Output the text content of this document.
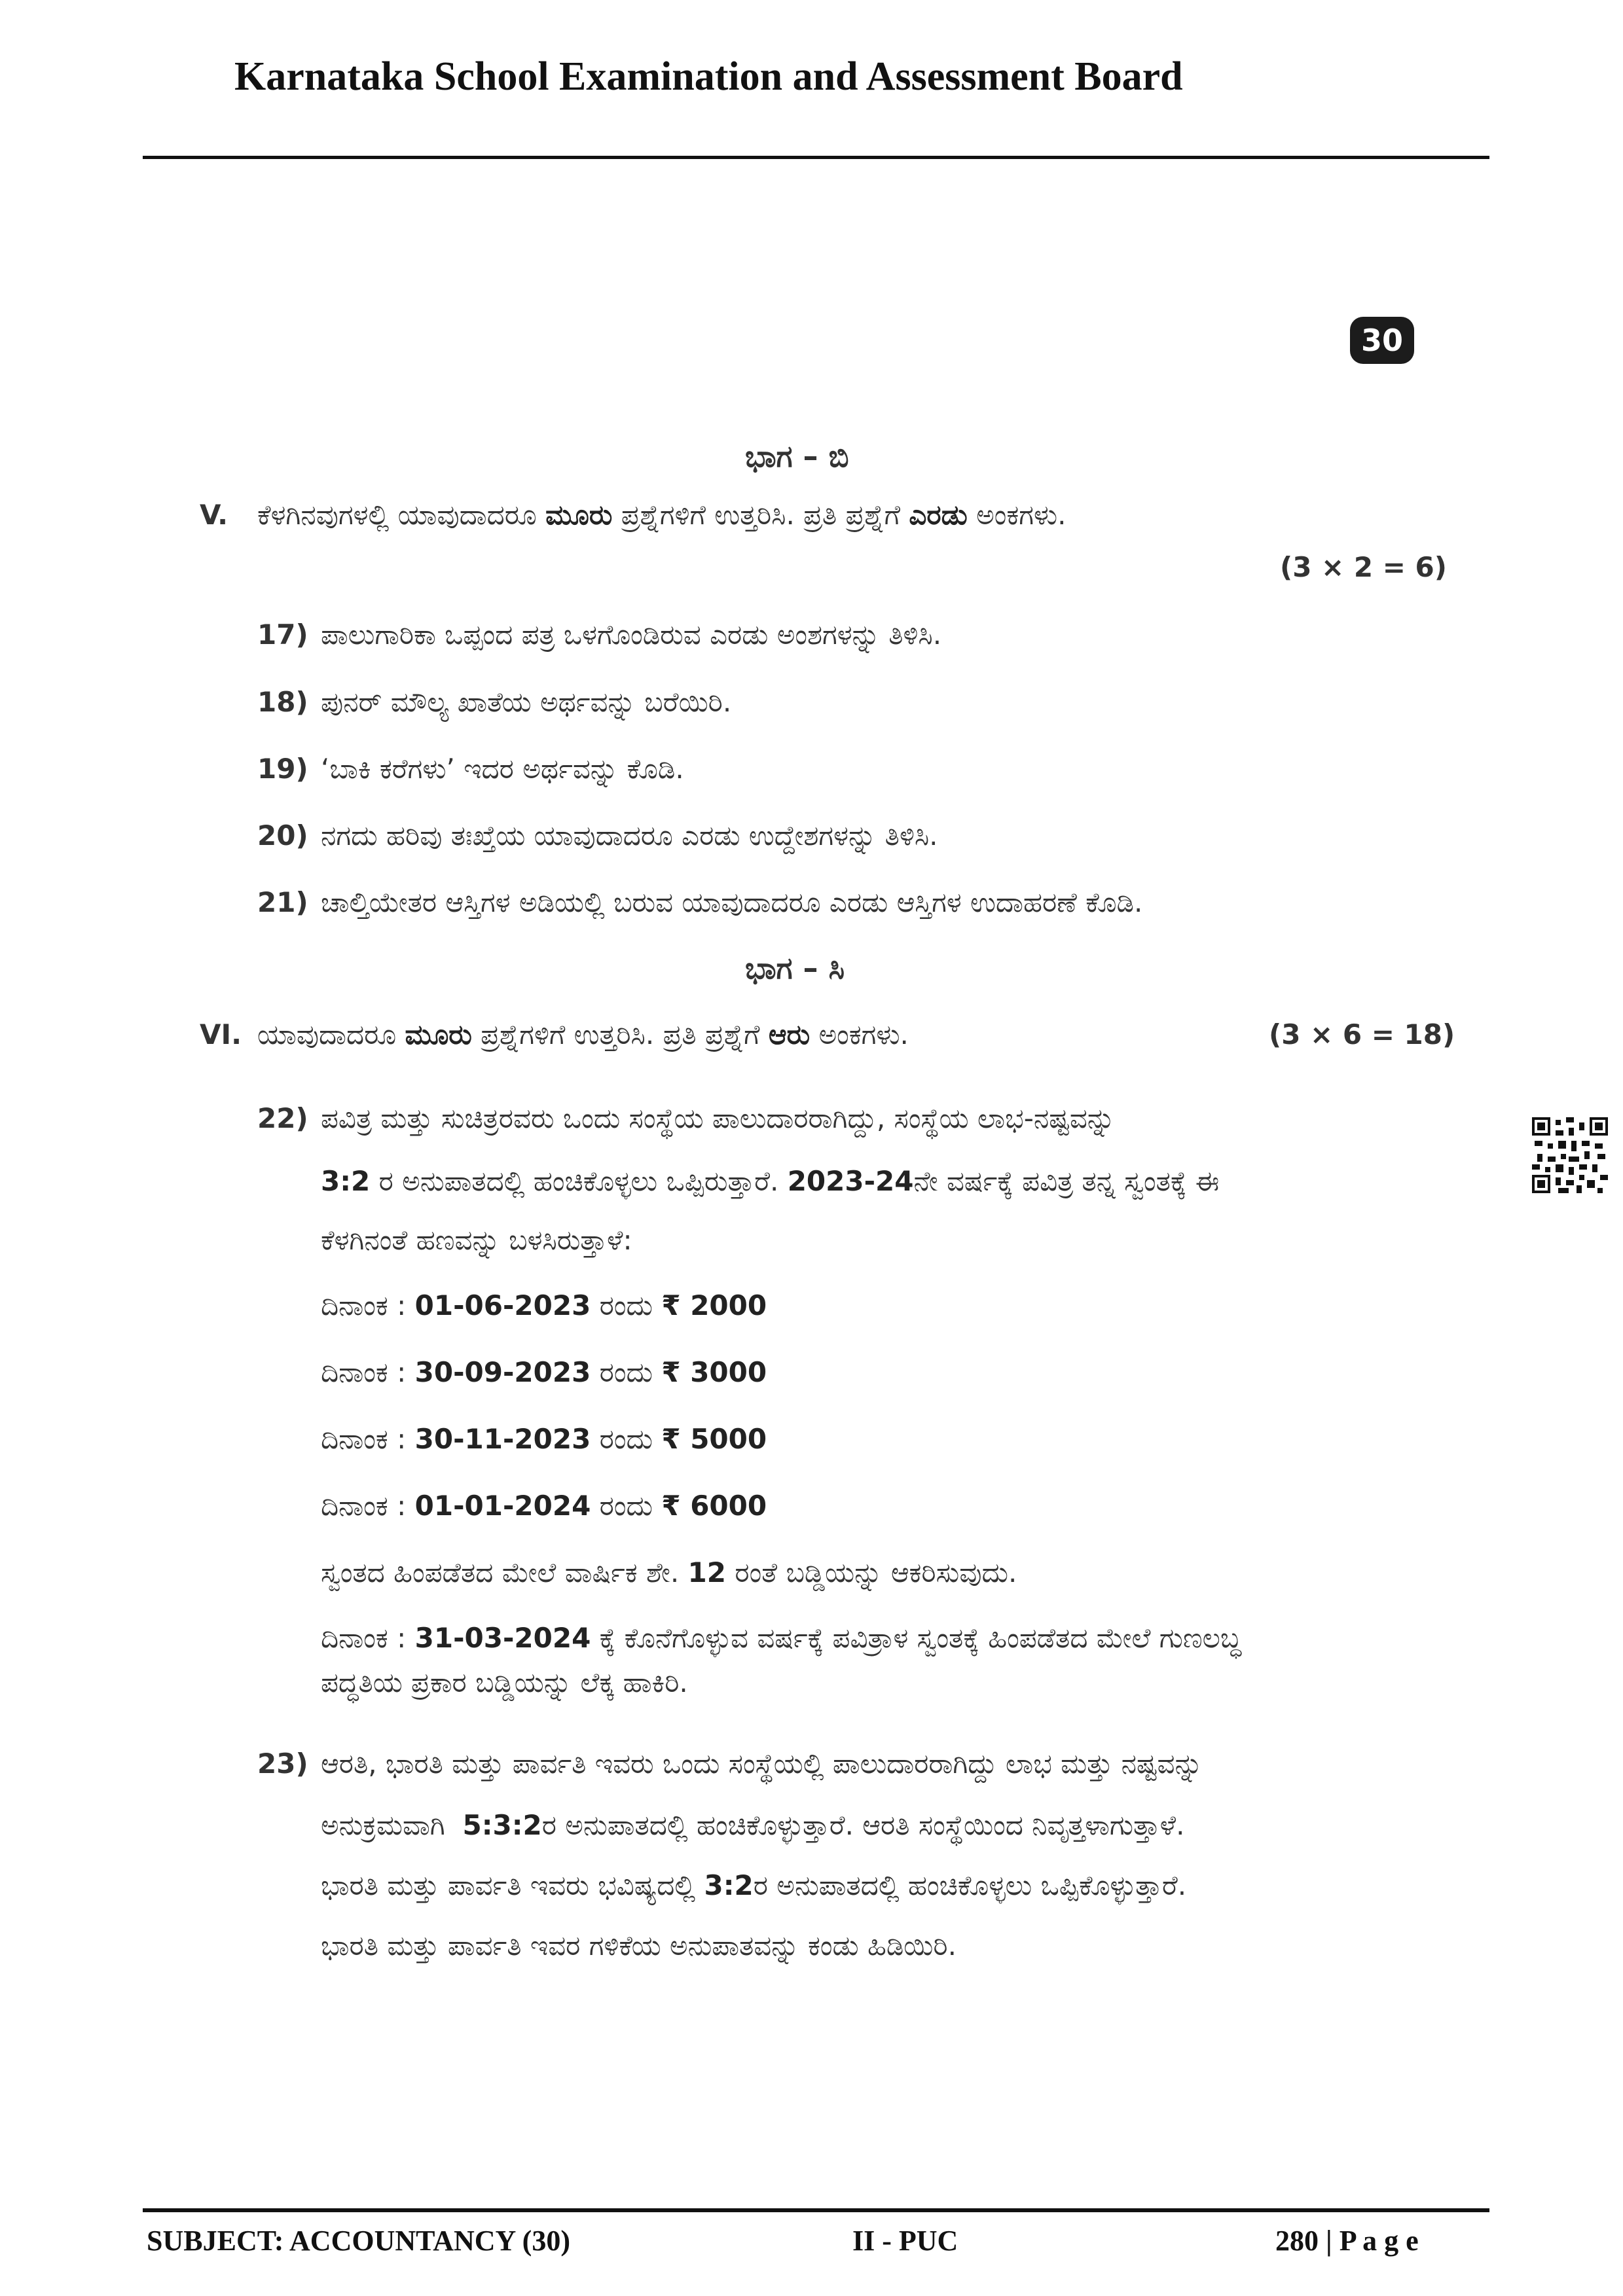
Karnataka School Examination and Assessment Board
30
ಭಾಗ – ಬಿ
V. ಕೆಳಗಿನವುಗಳಲ್ಲಿ ಯಾವುದಾದರೂ ಮೂರು ಪ್ರಶ್ನೆಗಳಿಗೆ ಉತ್ತರಿಸಿ. ಪ್ರತಿ ಪ್ರಶ್ನೆಗೆ ಎರಡು ಅಂಕಗಳು.
(3 × 2 = 6)
17) ಪಾಲುಗಾರಿಕಾ ಒಪ್ಪಂದ ಪತ್ರ ಒಳಗೊಂಡಿರುವ ಎರಡು ಅಂಶಗಳನ್ನು ತಿಳಿಸಿ.
18) ಪುನರ್ ಮೌಲ್ಯ ಖಾತೆಯ ಅರ್ಥವನ್ನು ಬರೆಯಿರಿ.
19) ‘ಬಾಕಿ ಕರೆಗಳು’ ಇದರ ಅರ್ಥವನ್ನು ಕೊಡಿ.
20) ನಗದು ಹರಿವು ತಃಖ್ತೆಯ ಯಾವುದಾದರೂ ಎರಡು ಉದ್ದೇಶಗಳನ್ನು ತಿಳಿಸಿ.
21) ಚಾಲ್ತಿಯೇತರ ಆಸ್ತಿಗಳ ಅಡಿಯಲ್ಲಿ ಬರುವ ಯಾವುದಾದರೂ ಎರಡು ಆಸ್ತಿಗಳ ಉದಾಹರಣೆ ಕೊಡಿ.
ಭಾಗ – ಸಿ
VI. ಯಾವುದಾದರೂ ಮೂರು ಪ್ರಶ್ನೆಗಳಿಗೆ ಉತ್ತರಿಸಿ. ಪ್ರತಿ ಪ್ರಶ್ನೆಗೆ ಆರು ಅಂಕಗಳು.	(3 × 6 = 18)
22) ಪವಿತ್ರ ಮತ್ತು ಸುಚಿತ್ರರವರು ಒಂದು ಸಂಸ್ಥೆಯ ಪಾಲುದಾರರಾಗಿದ್ದು, ಸಂಸ್ಥೆಯ ಲಾಭ-ನಷ್ಟವನ್ನು
3:2 ರ ಅನುಪಾತದಲ್ಲಿ ಹಂಚಿಕೊಳ್ಳಲು ಒಪ್ಪಿರುತ್ತಾರೆ. 2023-24ನೇ ವರ್ಷಕ್ಕೆ ಪವಿತ್ರ ತನ್ನ ಸ್ವಂತಕ್ಕೆ ಈ
ಕೆಳಗಿನಂತೆ ಹಣವನ್ನು ಬಳಸಿರುತ್ತಾಳೆ:
ದಿನಾಂಕ : 01-06-2023 ರಂದು ₹ 2000
ದಿನಾಂಕ : 30-09-2023 ರಂದು ₹ 3000
ದಿನಾಂಕ : 30-11-2023 ರಂದು ₹ 5000
ದಿನಾಂಕ : 01-01-2024 ರಂದು ₹ 6000
ಸ್ವಂತದ ಹಿಂಪಡೆತದ ಮೇಲೆ ವಾರ್ಷಿಕ ಶೇ. 12 ರಂತೆ ಬಡ್ಡಿಯನ್ನು ಆಕರಿಸುವುದು.
ದಿನಾಂಕ : 31-03-2024 ಕ್ಕೆ ಕೊನೆಗೊಳ್ಳುವ ವರ್ಷಕ್ಕೆ ಪವಿತ್ರಾಳ ಸ್ವಂತಕ್ಕೆ ಹಿಂಪಡೆತದ ಮೇಲೆ ಗುಣಲಬ್ಧ
ಪದ್ಧತಿಯ ಪ್ರಕಾರ ಬಡ್ಡಿಯನ್ನು ಲೆಕ್ಕ ಹಾಕಿರಿ.
23) ಆರತಿ, ಭಾರತಿ ಮತ್ತು ಪಾರ್ವತಿ ಇವರು ಒಂದು ಸಂಸ್ಥೆಯಲ್ಲಿ ಪಾಲುದಾರರಾಗಿದ್ದು ಲಾಭ ಮತ್ತು ನಷ್ಟವನ್ನು
ಅನುಕ್ರಮವಾಗಿ  5:3:2ರ ಅನುಪಾತದಲ್ಲಿ ಹಂಚಿಕೊಳ್ಳುತ್ತಾರೆ. ಆರತಿ ಸಂಸ್ಥೆಯಿಂದ ನಿವೃತ್ತಳಾಗುತ್ತಾಳೆ.
ಭಾರತಿ ಮತ್ತು ಪಾರ್ವತಿ ಇವರು ಭವಿಷ್ಯದಲ್ಲಿ 3:2ರ ಅನುಪಾತದಲ್ಲಿ ಹಂಚಿಕೊಳ್ಳಲು ಒಪ್ಪಿಕೊಳ್ಳುತ್ತಾರೆ.
ಭಾರತಿ ಮತ್ತು ಪಾರ್ವತಿ ಇವರ ಗಳಿಕೆಯ ಅನುಪಾತವನ್ನು ಕಂಡು ಹಿಡಿಯಿರಿ.
SUBJECT: ACCOUNTANCY (30)	II - PUC	280 | P a g e
